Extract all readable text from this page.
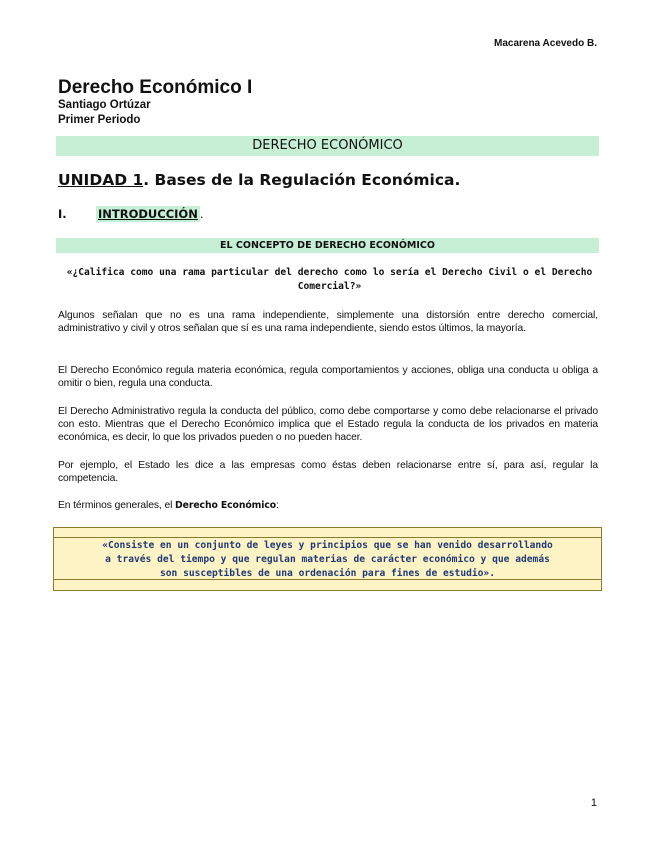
Macarena Acevedo B.
Derecho Económico I
Santiago Ortúzar
Primer Periodo
DERECHO ECONÓMICO
UNIDAD 1. Bases de la Regulación Económica.
I.	INTRODUCCIÓN .
EL CONCEPTO DE DERECHO ECONÓMICO
«¿Califica como una rama particular del derecho como lo sería el Derecho Civil o el Derecho Comercial?»

Algunos señalan que no es una rama independiente, simplemente una distorsión entre derecho comercial, administrativo y civil y otros señalan que sí es una rama independiente, siendo estos últimos, la mayoría.

El Derecho Económico regula materia económica, regula comportamientos y acciones, obliga una conducta u obliga a omitir o bien, regula una conducta.

El Derecho Administrativo regula la conducta del público, como debe comportarse y como debe relacionarse el privado con esto. Mientras que el Derecho Económico implica que el Estado regula la conducta de los privados en materia económica, es decir, lo que los privados pueden o no pueden hacer.

Por ejemplo, el Estado les dice a las empresas como éstas deben relacionarse entre sí, para así, regular la competencia.

En términos generales, el Derecho Económico:

«Consiste en un conjunto de leyes y principios que se han venido desarrollando
a través del tiempo y que regulan materias de carácter económico y que además
son susceptibles de una ordenación para fines de estudio».
1
